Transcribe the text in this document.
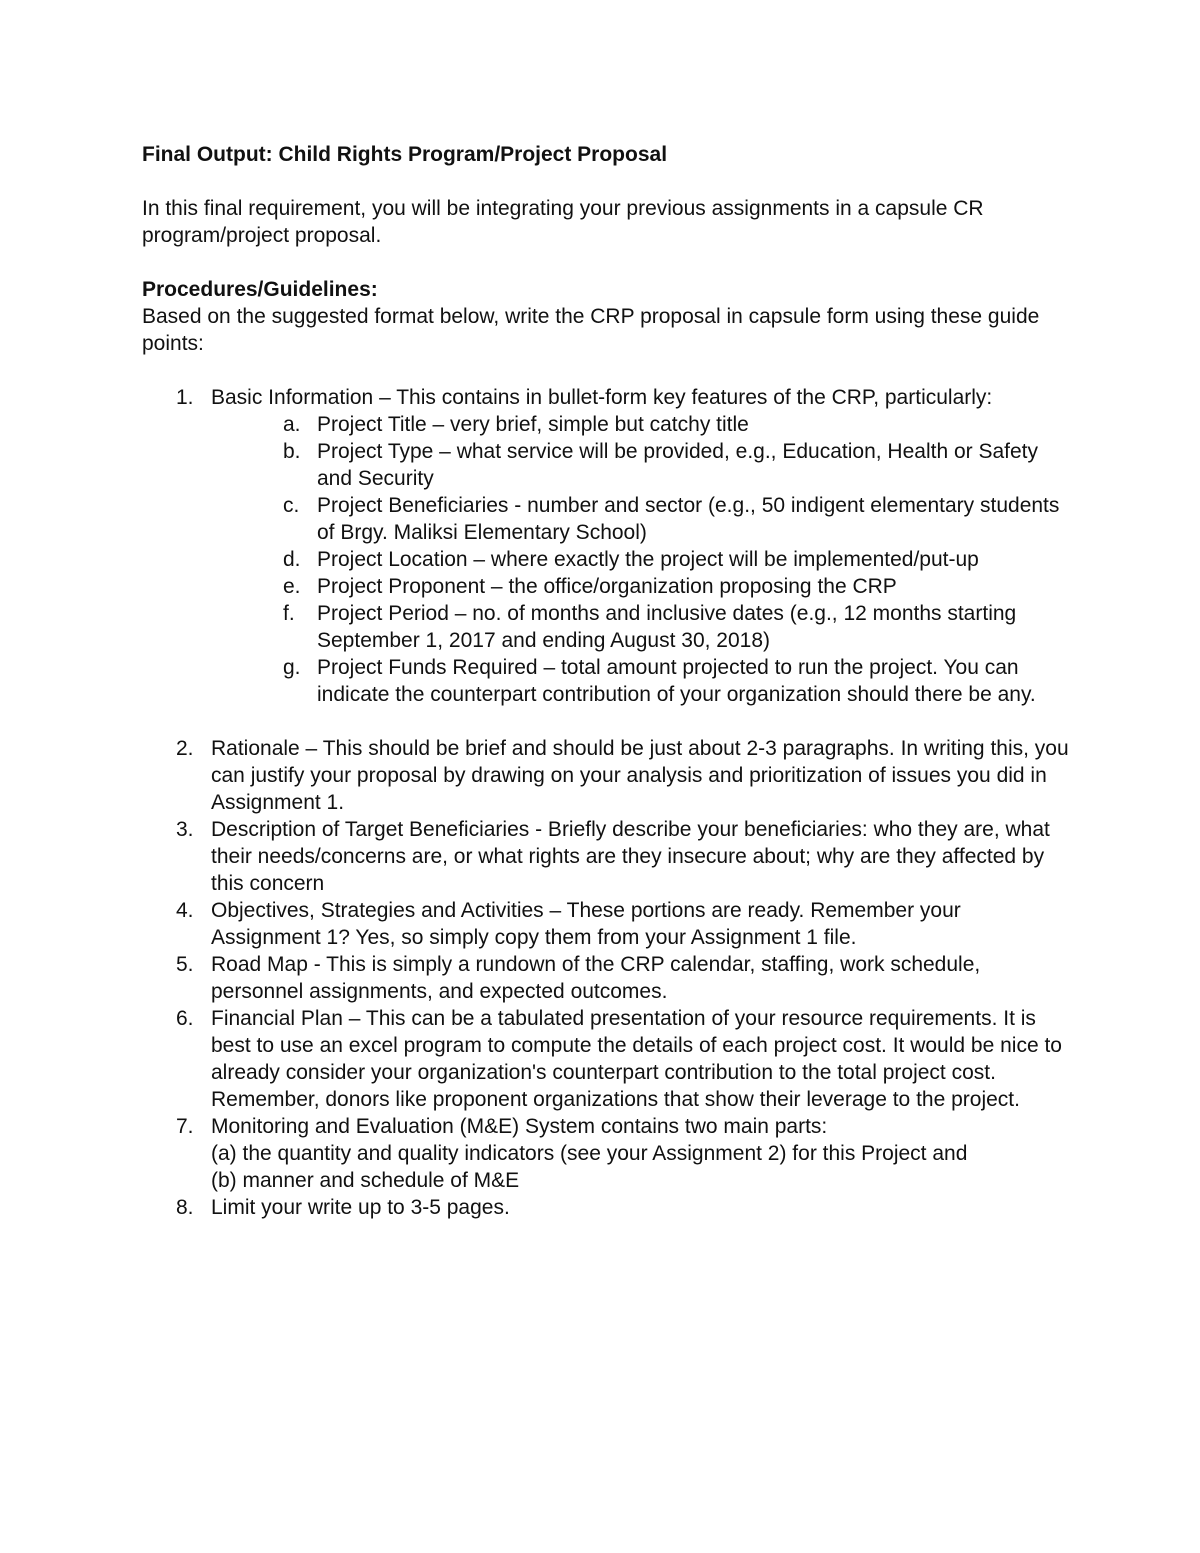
Final Output: Child Rights Program/Project Proposal
In this final requirement, you will be integrating your previous assignments in a capsule CR program/project proposal.
Procedures/Guidelines:
Based on the suggested format below, write the CRP proposal in capsule form using these guide points:
1. Basic Information – This contains in bullet-form key features of the CRP, particularly:
a. Project Title – very brief, simple but catchy title
b. Project Type – what service will be provided, e.g., Education, Health or Safety and Security
c. Project Beneficiaries - number and sector (e.g., 50 indigent elementary students of Brgy. Maliksi Elementary School)
d. Project Location – where exactly the project will be implemented/put-up
e. Project Proponent – the office/organization proposing the CRP
f. Project Period – no. of months and inclusive dates (e.g., 12 months starting September 1, 2017 and ending August 30, 2018)
g. Project Funds Required – total amount projected to run the project. You can indicate the counterpart contribution of your organization should there be any.
2. Rationale – This should be brief and should be just about 2-3 paragraphs. In writing this, you can justify your proposal by drawing on your analysis and prioritization of issues you did in Assignment 1.
3. Description of Target Beneficiaries - Briefly describe your beneficiaries: who they are, what their needs/concerns are, or what rights are they insecure about; why are they affected by this concern
4. Objectives, Strategies and Activities – These portions are ready. Remember your Assignment 1? Yes, so simply copy them from your Assignment 1 file.
5. Road Map - This is simply a rundown of the CRP calendar, staffing, work schedule, personnel assignments, and expected outcomes.
6. Financial Plan – This can be a tabulated presentation of your resource requirements. It is best to use an excel program to compute the details of each project cost. It would be nice to already consider your organization's counterpart contribution to the total project cost. Remember, donors like proponent organizations that show their leverage to the project.
7. Monitoring and Evaluation (M&E) System contains two main parts:
(a) the quantity and quality indicators (see your Assignment 2) for this Project and
(b) manner and schedule of M&E
8. Limit your write up to 3-5 pages.
